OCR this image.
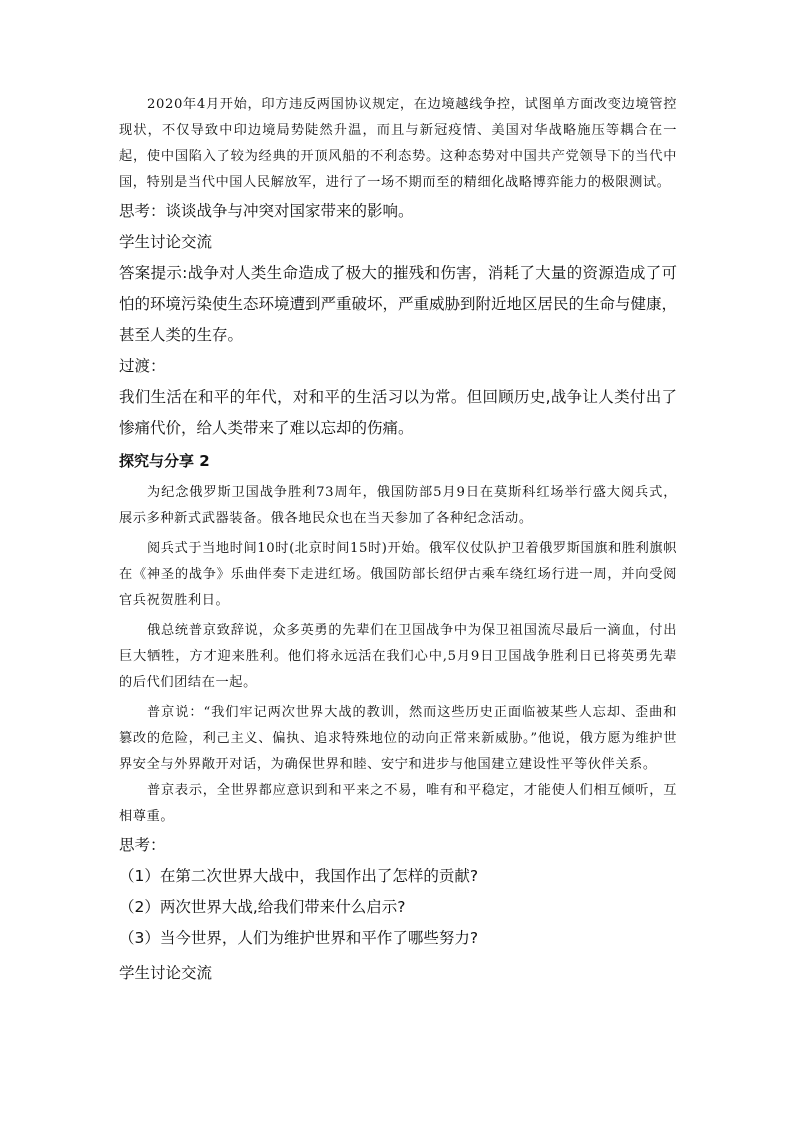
2020年4月开始，印方违反两国协议规定，在边境越线争控，试图单方面改变边境管控现状，不仅导致中印边境局势陡然升温，而且与新冠疫情、美国对华战略施压等耦合在一起，使中国陷入了较为经典的开顶风船的不利态势。这种态势对中国共产党领导下的当代中国，特别是当代中国人民解放军，进行了一场不期而至的精细化战略博弈能力的极限测试。

思考：谈谈战争与冲突对国家带来的影响。

学生讨论交流

答案提示:战争对人类生命造成了极大的摧残和伤害，消耗了大量的资源造成了可怕的环境污染使生态环境遭到严重破坏，严重威胁到附近地区居民的生命与健康，甚至人类的生存。

过渡：

我们生活在和平的年代，对和平的生活习以为常。但回顾历史,战争让人类付出了惨痛代价，给人类带来了难以忘却的伤痛。

探究与分享 2

为纪念俄罗斯卫国战争胜利73周年，俄国防部5月9日在莫斯科红场举行盛大阅兵式，展示多种新式武器装备。俄各地民众也在当天参加了各种纪念活动。

阅兵式于当地时间10时(北京时间15时)开始。俄军仪仗队护卫着俄罗斯国旗和胜利旗帜在《神圣的战争》乐曲伴奏下走进红场。俄国防部长绍伊古乘车绕红场行进一周，并向受阅官兵祝贺胜利日。

俄总统普京致辞说，众多英勇的先辈们在卫国战争中为保卫祖国流尽最后一滴血，付出巨大牺牲，方才迎来胜利。他们将永远活在我们心中,5月9日卫国战争胜利日已将英勇先辈的后代们团结在一起。

普京说：“我们牢记两次世界大战的教训，然而这些历史正面临被某些人忘却、歪曲和篡改的危险，利己主义、偏执、追求特殊地位的动向正常来新威胁。”他说，俄方愿为维护世界安全与外界敞开对话，为确保世界和睦、安宁和进步与他国建立建设性平等伙伴关系。

普京表示，全世界都应意识到和平来之不易，唯有和平稳定，才能使人们相互倾听，互相尊重。

思考：

（1）在第二次世界大战中，我国作出了怎样的贡献?

（2）两次世界大战,给我们带来什么启示?

（3）当今世界，人们为维护世界和平作了哪些努力?

学生讨论交流
